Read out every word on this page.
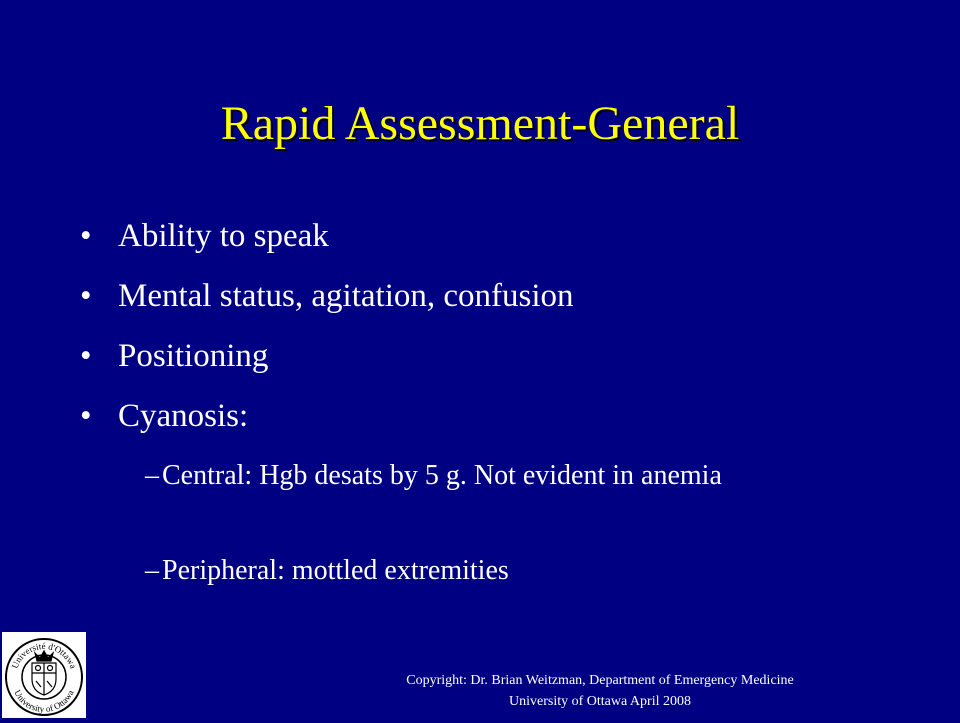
Rapid Assessment-General
• Ability to speak
• Mental status, agitation, confusion
• Positioning
• Cyanosis:
– Central: Hgb desats by 5 g. Not evident in anemia
– Peripheral: mottled extremities
Université d'Ottawa
University of Ottawa
Copyright: Dr. Brian Weitzman, Department of Emergency Medicine
University of Ottawa April 2008
